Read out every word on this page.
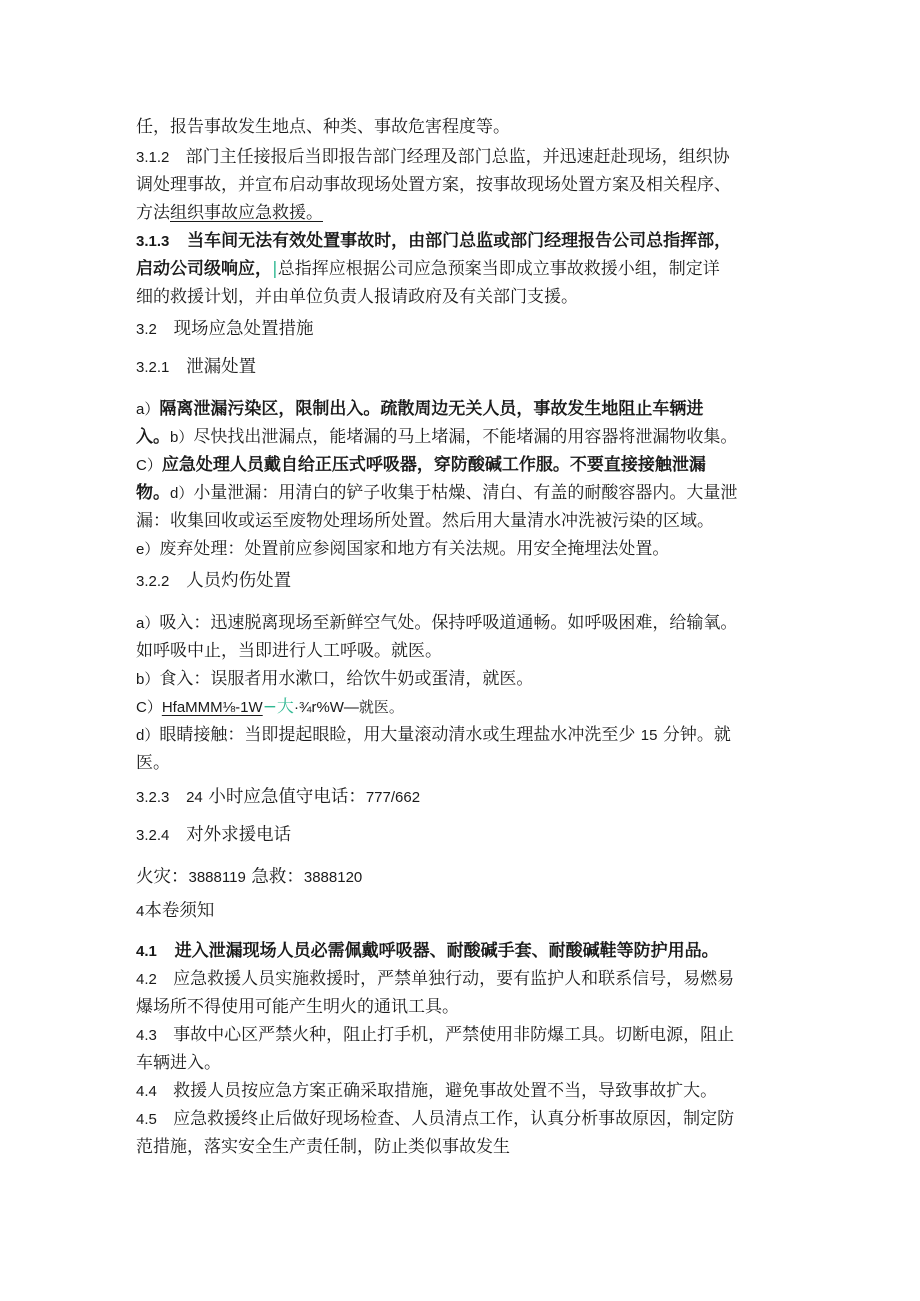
任，报告事故发生地点、种类、事故危害程度等。
3.1.2 部门主任接报后当即报告部门经理及部门总监，并迅速赶赴现场，组织协
调处理事故，并宣布启动事故现场处置方案，按事故现场处置方案及相关程序、
方法组织事故应急救援。
3.1.3 当车间无法有效处置事故时，由部门总监或部门经理报告公司总指挥部，
启动公司级响应，|总指挥应根据公司应急预案当即成立事故救援小组，制定详
细的救援计划，并由单位负责人报请政府及有关部门支援。
3.2 现场应急处置措施
3.2.1 泄漏处置
a）隔离泄漏污染区，限制出入。疏散周边无关人员，事故发生地阻止车辆进
入。b）尽快找出泄漏点，能堵漏的马上堵漏，不能堵漏的用容器将泄漏物收集。
C）应急处理人员戴自给正压式呼吸器，穿防酸碱工作服。不要直接接触泄漏
物。d）小量泄漏：用清白的铲子收集于枯燥、清白、有盖的耐酸容器内。大量泄
漏：收集回收或运至废物处理场所处置。然后用大量清水冲洗被污染的区域。
e）废弃处理：处置前应参阅国家和地方有关法规。用安全掩埋法处置。
3.2.2 人员灼伤处置
a）吸入：迅速脱离现场至新鲜空气处。保持呼吸道通畅。如呼吸困难，给输氧。
如呼吸中止，当即进行人工呼吸。就医。
b）食入：误服者用水漱口，给饮牛奶或蛋清，就医。
C）HfaMMM⅛-1W−大·¾r%W—就医。
d）眼睛接触：当即提起眼睑，用大量滚动清水或生理盐水冲洗至少 15 分钟。就
医。
3.2.3 24 小时应急值守电话：777/662
3.2.4 对外求援电话
火灾：3888119 急救：3888120
4本卷须知
4.1 进入泄漏现场人员必需佩戴呼吸器、耐酸碱手套、耐酸碱鞋等防护用品。
4.2 应急救援人员实施救援时，严禁单独行动，要有监护人和联系信号，易燃易
爆场所不得使用可能产生明火的通讯工具。
4.3 事故中心区严禁火种，阻止打手机，严禁使用非防爆工具。切断电源，阻止
车辆进入。
4.4 救援人员按应急方案正确采取措施，避免事故处置不当，导致事故扩大。
4.5 应急救援终止后做好现场检查、人员清点工作，认真分析事故原因，制定防
范措施，落实安全生产责任制，防止类似事故发生
